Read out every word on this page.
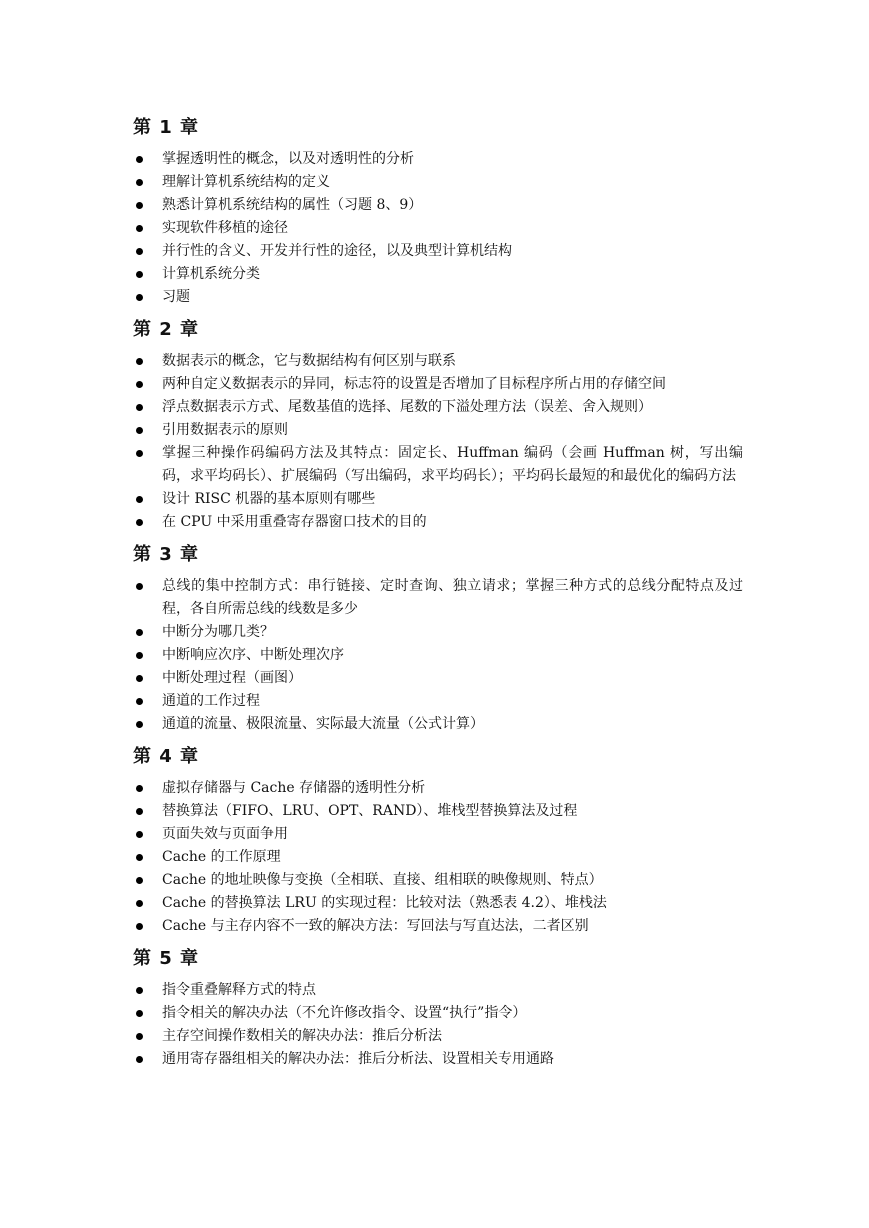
第 1 章
掌握透明性的概念，以及对透明性的分析
理解计算机系统结构的定义
熟悉计算机系统结构的属性（习题 8、9）
实现软件移植的途径
并行性的含义、开发并行性的途径，以及典型计算机结构
计算机系统分类
习题
第 2 章
数据表示的概念，它与数据结构有何区别与联系
两种自定义数据表示的异同，标志符的设置是否增加了目标程序所占用的存储空间
浮点数据表示方式、尾数基值的选择、尾数的下溢处理方法（误差、舍入规则）
引用数据表示的原则
掌握三种操作码编码方法及其特点：固定长、Huffman 编码（会画 Huffman 树，写出编码，求平均码长）、扩展编码（写出编码，求平均码长）；平均码长最短的和最优化的编码方法
设计 RISC 机器的基本原则有哪些
在 CPU 中采用重叠寄存器窗口技术的目的
第 3 章
总线的集中控制方式：串行链接、定时查询、独立请求；掌握三种方式的总线分配特点及过程，各自所需总线的线数是多少
中断分为哪几类？
中断响应次序、中断处理次序
中断处理过程（画图）
通道的工作过程
通道的流量、极限流量、实际最大流量（公式计算）
第 4 章
虚拟存储器与 Cache 存储器的透明性分析
替换算法（FIFO、LRU、OPT、RAND）、堆栈型替换算法及过程
页面失效与页面争用
Cache 的工作原理
Cache 的地址映像与变换（全相联、直接、组相联的映像规则、特点）
Cache 的替换算法 LRU 的实现过程：比较对法（熟悉表 4.2）、堆栈法
Cache 与主存内容不一致的解决方法：写回法与写直达法，二者区别
第 5 章
指令重叠解释方式的特点
指令相关的解决办法（不允许修改指令、设置“执行”指令）
主存空间操作数相关的解决办法：推后分析法
通用寄存器组相关的解决办法：推后分析法、设置相关专用通路
